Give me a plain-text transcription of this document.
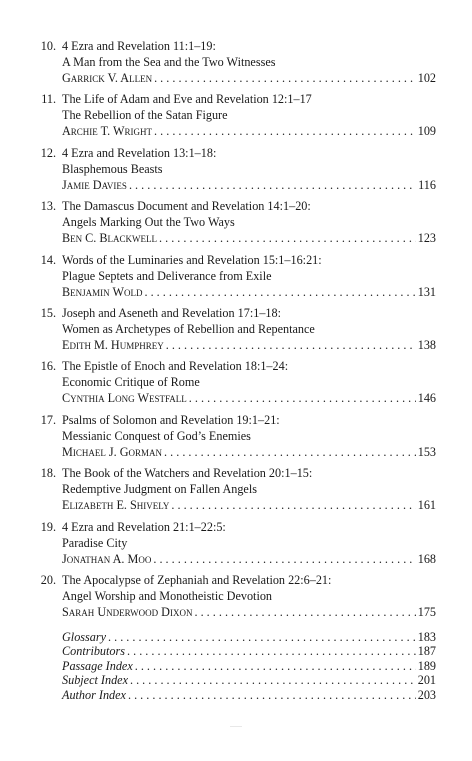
10. 4 Ezra and Revelation 11:1–19:
A Man from the Sea and the Two Witnesses
Garrick V. Allen . . .	102
11. The Life of Adam and Eve and Revelation 12:1–17
The Rebellion of the Satan Figure
Archie T. Wright . . .	109
12. 4 Ezra and Revelation 13:1–18:
Blasphemous Beasts
Jamie Davies . . .	116
13. The Damascus Document and Revelation 14:1–20:
Angels Marking Out the Two Ways
Ben C. Blackwell . . .	123
14. Words of the Luminaries and Revelation 15:1–16:21:
Plague Septets and Deliverance from Exile
Benjamin Wold . . .	131
15. Joseph and Aseneth and Revelation 17:1–18:
Women as Archetypes of Rebellion and Repentance
Edith M. Humphrey . . .	138
16. The Epistle of Enoch and Revelation 18:1–24:
Economic Critique of Rome
Cynthia Long Westfall . . .	146
17. Psalms of Solomon and Revelation 19:1–21:
Messianic Conquest of God’s Enemies
Michael J. Gorman . . .	153
18. The Book of the Watchers and Revelation 20:1–15:
Redemptive Judgment on Fallen Angels
Elizabeth E. Shively . . .	161
19. 4 Ezra and Revelation 21:1–22:5:
Paradise City
Jonathan A. Moo . . .	168
20. The Apocalypse of Zephaniah and Revelation 22:6–21:
Angel Worship and Monotheistic Devotion
Sarah Underwood Dixon . . .	175
Glossary . . .	183
Contributors . . .	187
Passage Index . . .	189
Subject Index . . .	201
Author Index . . .	203
